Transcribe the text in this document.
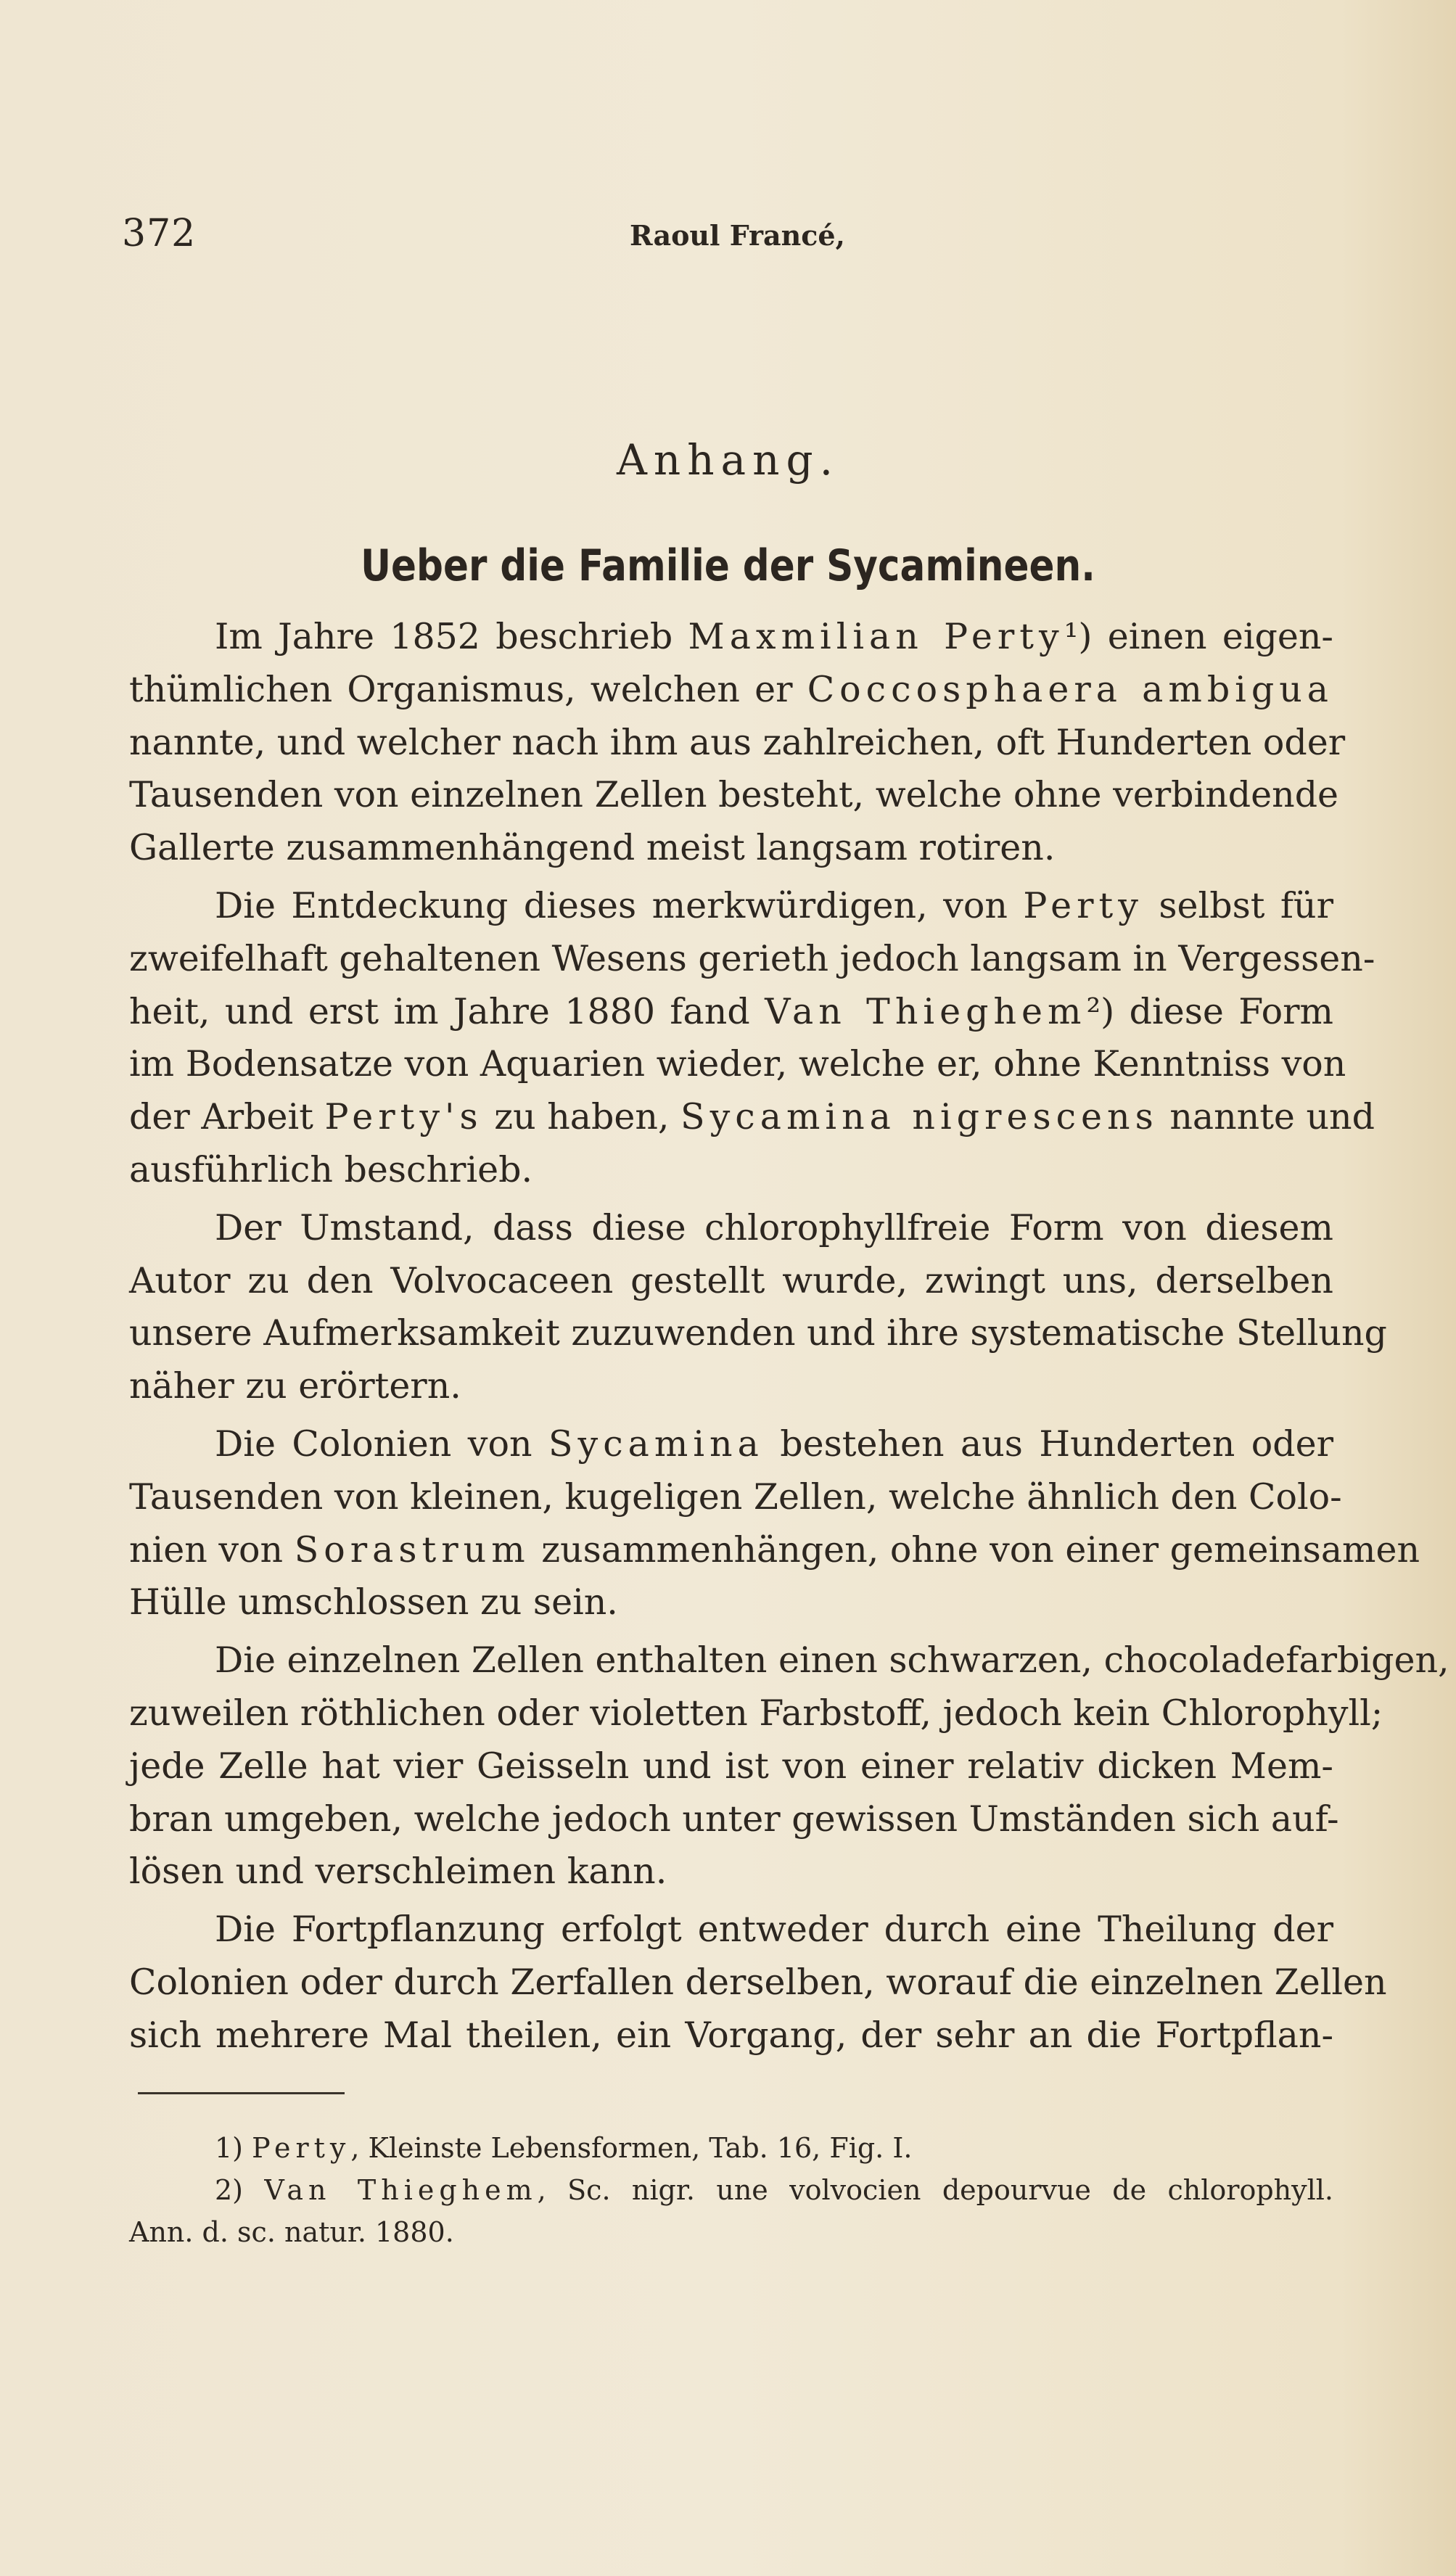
372	Raoul Francé,
Anhang.
Ueber die Familie der Sycamineen.
Im Jahre 1852 beschrieb Maxmilian Perty¹) einen eigen-
thümlichen Organismus, welchen er Coccosphaera ambigua
nannte, und welcher nach ihm aus zahlreichen, oft Hunderten oder
Tausenden von einzelnen Zellen besteht, welche ohne verbindende
Gallerte zusammenhängend meist langsam rotiren.
Die Entdeckung dieses merkwürdigen, von Perty selbst für
zweifelhaft gehaltenen Wesens gerieth jedoch langsam in Vergessen-
heit, und erst im Jahre 1880 fand Van Thieghem²) diese Form
im Bodensatze von Aquarien wieder, welche er, ohne Kenntniss von
der Arbeit Perty's zu haben, Sycamina nigrescens nannte und
ausführlich beschrieb.
Der Umstand, dass diese chlorophyllfreie Form von diesem
Autor zu den Volvocaceen gestellt wurde, zwingt uns, derselben
unsere Aufmerksamkeit zuzuwenden und ihre systematische Stellung
näher zu erörtern.
Die Colonien von Sycamina bestehen aus Hunderten oder
Tausenden von kleinen, kugeligen Zellen, welche ähnlich den Colo-
nien von Sorastrum zusammenhängen, ohne von einer gemeinsamen
Hülle umschlossen zu sein.
Die einzelnen Zellen enthalten einen schwarzen, chocoladefarbigen,
zuweilen röthlichen oder violetten Farbstoff, jedoch kein Chlorophyll;
jede Zelle hat vier Geisseln und ist von einer relativ dicken Mem-
bran umgeben, welche jedoch unter gewissen Umständen sich auf-
lösen und verschleimen kann.
Die Fortpflanzung erfolgt entweder durch eine Theilung der
Colonien oder durch Zerfallen derselben, worauf die einzelnen Zellen
sich mehrere Mal theilen, ein Vorgang, der sehr an die Fortpflan-
1) Perty, Kleinste Lebensformen, Tab. 16, Fig. I.
2) Van Thieghem, Sc. nigr. une volvocien depourvue de chlorophyll.
Ann. d. sc. natur. 1880.
